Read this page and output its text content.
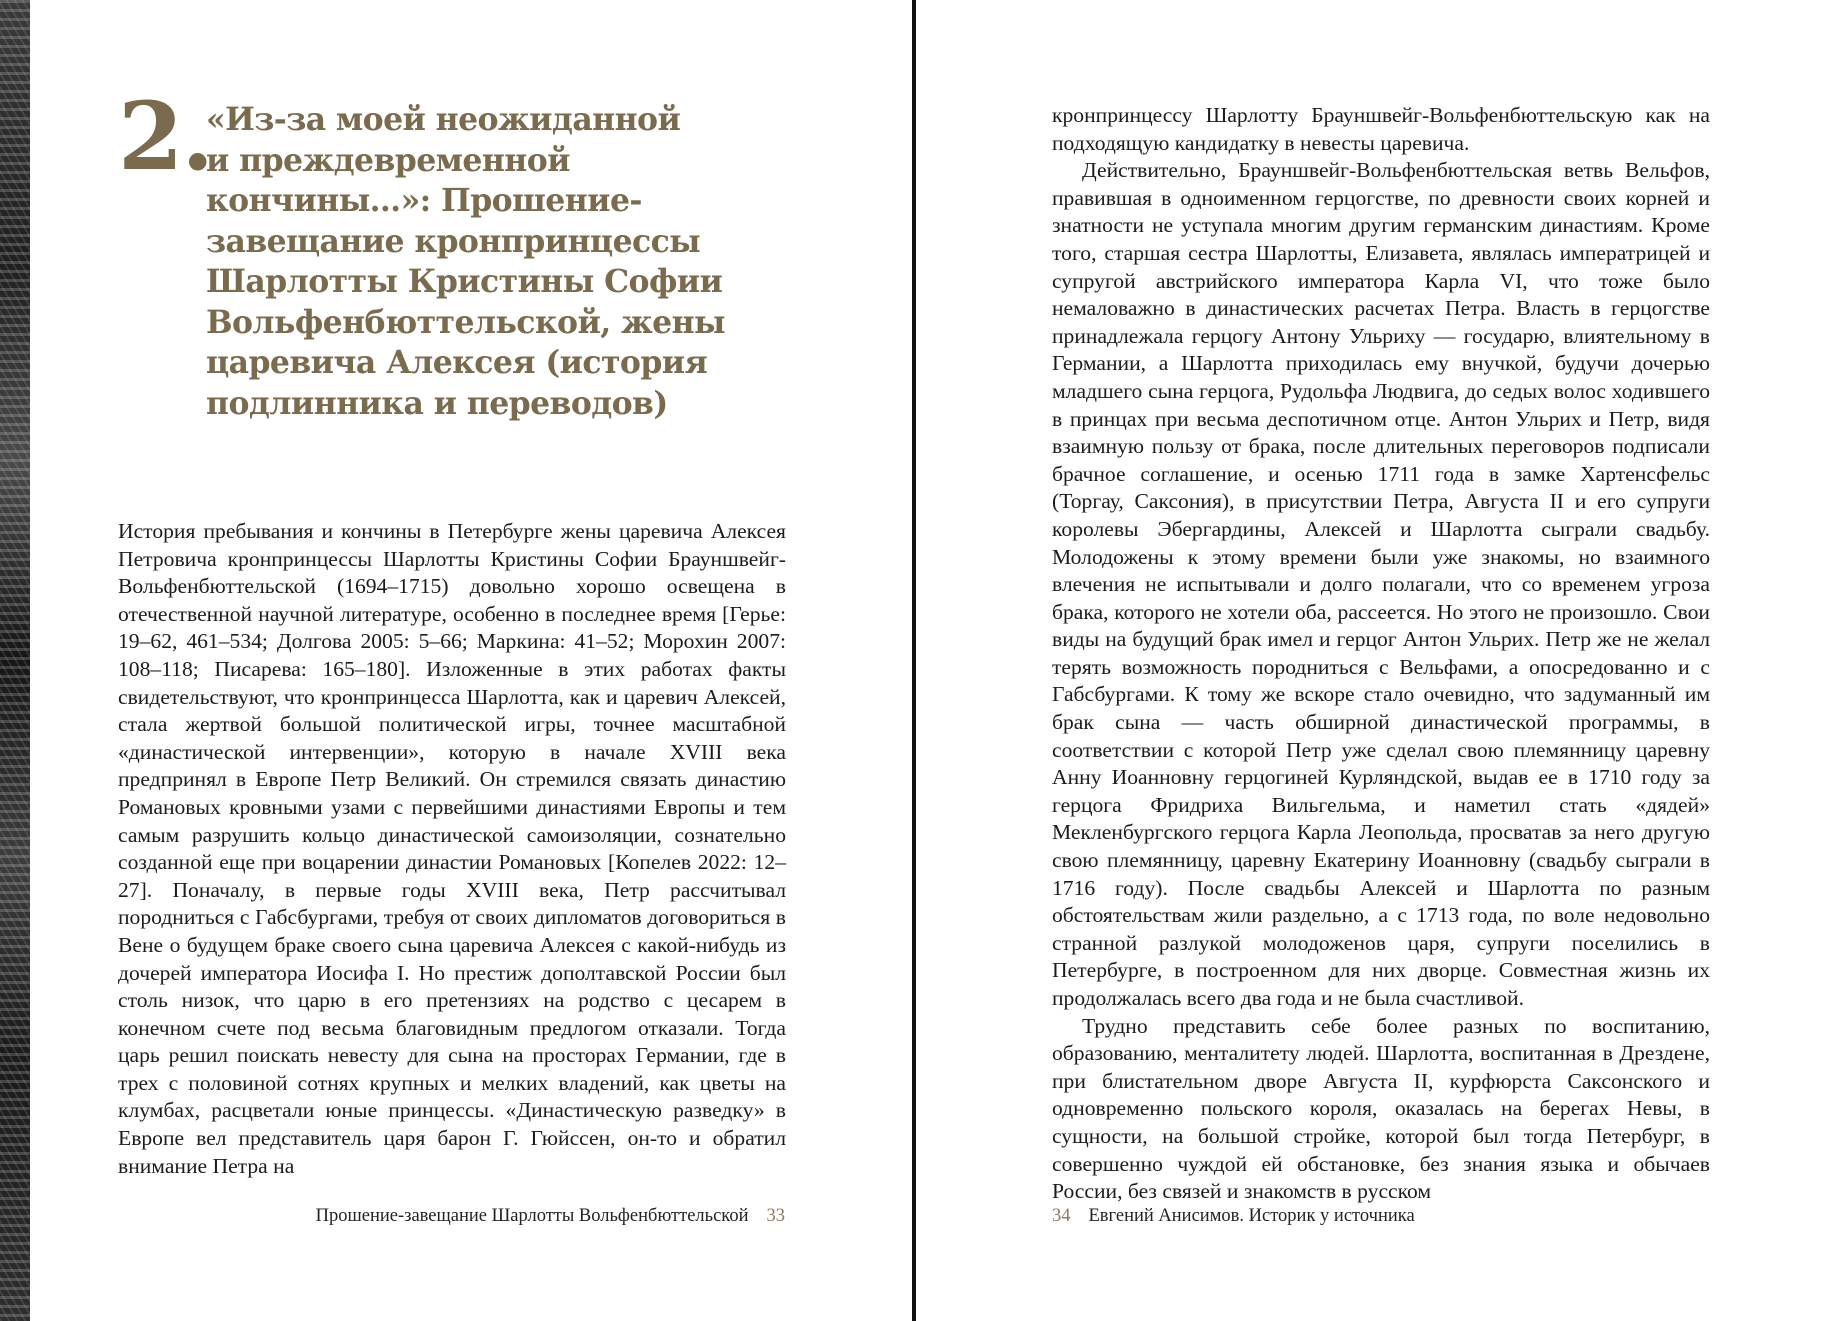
2.
«Из-за моей неожиданной
и преждевременной
кончины…»: Прошение-
завещание кронпринцессы
Шарлотты Кристины Софии
Вольфенбюттельской, жены
царевича Алексея (история
подлинника и переводов)

История пребывания и кончины в Петербурге жены царевича Алексея Петровича кронпринцессы Шарлотты Кристины Софии Брауншвейг-Вольфенбюттельской (1694–1715) довольно хорошо освещена в отечественной научной литературе, особенно в последнее время [Герье: 19–62, 461–534; Долгова 2005: 5–66; Маркина: 41–52; Морохин 2007: 108–118; Писарева: 165–180]. Изложенные в этих работах факты свидетельствуют, что кронпринцесса Шарлотта, как и царевич Алексей, стала жертвой большой политической игры, точнее масштабной «династической интервенции», которую в начале XVIII века предпринял в Европе Петр Великий. Он стремился связать династию Романовых кровными узами с первейшими династиями Европы и тем самым разрушить кольцо династической самоизоляции, сознательно созданной еще при воцарении династии Романовых [Копелев 2022: 12–27]. Поначалу, в первые годы XVIII века, Петр рассчитывал породниться с Габсбургами, требуя от своих дипломатов договориться в Вене о будущем браке своего сына царевича Алексея с какой-нибудь из дочерей императора Иосифа I. Но престиж дополтавской России был столь низок, что царю в его претензиях на родство с цесарем в конечном счете под весьма благовидным предлогом отказали. Тогда царь решил поискать невесту для сына на просторах Германии, где в трех с половиной сотнях крупных и мелких владений, как цветы на клумбах, расцветали юные принцессы. «Династическую разведку» в Европе вел представитель царя барон Г. Гюйссен, он-то и обратил внимание Петра на

Прошение-завещание Шарлотты Вольфенбюттельской 33

кронпринцессу Шарлотту Брауншвейг-Вольфенбюттельскую как на подходящую кандидатку в невесты царевича.

Действительно, Брауншвейг-Вольфенбюттельская ветвь Вельфов, правившая в одноименном герцогстве, по древности своих корней и знатности не уступала многим другим германским династиям. Кроме того, старшая сестра Шарлотты, Елизавета, являлась императрицей и супругой австрийского императора Карла VI, что тоже было немаловажно в династических расчетах Петра. Власть в герцогстве принадлежала герцогу Антону Ульриху — государю, влиятельному в Германии, а Шарлотта приходилась ему внучкой, будучи дочерью младшего сына герцога, Рудольфа Людвига, до седых волос ходившего в принцах при весьма деспотичном отце. Антон Ульрих и Петр, видя взаимную пользу от брака, после длительных переговоров подписали брачное соглашение, и осенью 1711 года в замке Хартенсфельс (Торгау, Саксония), в присутствии Петра, Августа II и его супруги королевы Эбергардины, Алексей и Шарлотта сыграли свадьбу. Молодожены к этому времени были уже знакомы, но взаимного влечения не испытывали и долго полагали, что со временем угроза брака, которого не хотели оба, рассеется. Но этого не произошло. Свои виды на будущий брак имел и герцог Антон Ульрих. Петр же не желал терять возможность породниться с Вельфами, а опосредованно и с Габсбургами. К тому же вскоре стало очевидно, что задуманный им брак сына — часть обширной династической программы, в соответствии с которой Петр уже сделал свою племянницу царевну Анну Иоанновну герцогиней Курляндской, выдав ее в 1710 году за герцога Фридриха Вильгельма, и наметил стать «дядей» Мекленбургского герцога Карла Леопольда, просватав за него другую свою племянницу, царевну Екатерину Иоанновну (свадьбу сыграли в 1716 году). После свадьбы Алексей и Шарлотта по разным обстоятельствам жили раздельно, а с 1713 года, по воле недовольно странной разлукой молодоженов царя, супруги поселились в Петербурге, в построенном для них дворце. Совместная жизнь их продолжалась всего два года и не была счастливой.

Трудно представить себе более разных по воспитанию, образованию, менталитету людей. Шарлотта, воспитанная в Дрездене, при блистательном дворе Августа II, курфюрста Саксонского и одновременно польского короля, оказалась на берегах Невы, в сущности, на большой стройке, которой был тогда Петербург, в совершенно чуждой ей обстановке, без знания языка и обычаев России, без связей и знакомств в русском

34 Евгений Анисимов. Историк у источника
